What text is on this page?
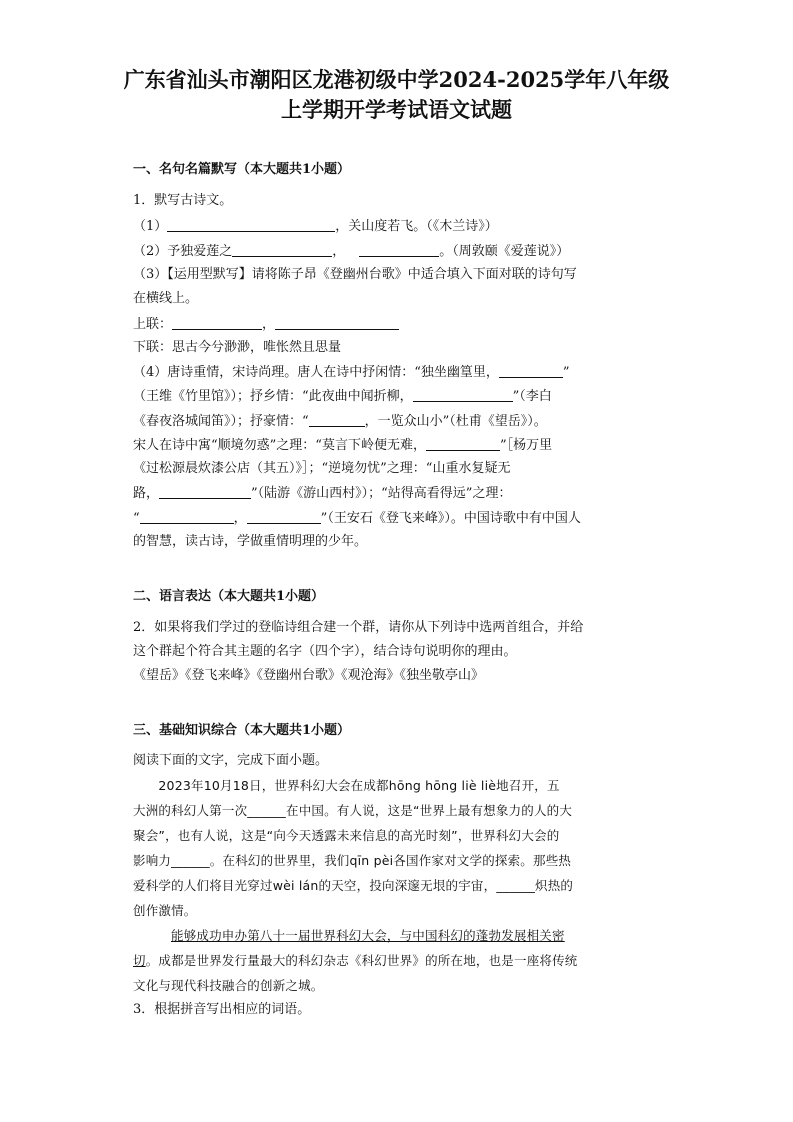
广东省汕头市潮阳区龙港初级中学2024-2025学年八年级
上学期开学考试语文试题
一、名句名篇默写（本大题共1小题）
1．默写古诗文。
（1）	，关山度若飞。（《木兰诗》）
（2）予独爱莲之	，	。（周敦颐《爱莲说》）
（3）【运用型默写】请将陈子昂《登幽州台歌》中适合填入下面对联的诗句写
在横线上。
上联：	，
下联：思古今兮渺渺，唯怅然且思量
（4）唐诗重情，宋诗尚理。唐人在诗中抒闲情：“独坐幽篁里，	”
（王维《竹里馆》）；抒乡情：“此夜曲中闻折柳，	”（李白
《春夜洛城闻笛》）；抒豪情：“	，一览众山小”（杜甫《望岳》）。
宋人在诗中寓“顺境勿惑”之理：“莫言下岭便无难，	”［杨万里
《过松源晨炊漆公店（其五）》］；“逆境勿忧”之理：“山重水复疑无
路，	”（陆游《游山西村》）；“站得高看得远”之理：
“	，	”（王安石《登飞来峰》）。中国诗歌中有中国人
的智慧，读古诗，学做重情明理的少年。
二、语言表达（本大题共1小题）
2．如果将我们学过的登临诗组合建一个群，请你从下列诗中选两首组合，并给
这个群起个符合其主题的名字（四个字），结合诗句说明你的理由。
《望岳》《登飞来峰》《登幽州台歌》《观沧海》《独坐敬亭山》
三、基础知识综合（本大题共1小题）
阅读下面的文字，完成下面小题。
　　2023年10月18日，世界科幻大会在成都hōng hōng liè liè地召开，五
大洲的科幻人第一次______在中国。有人说，这是“世界上最有想象力的人的大
聚会”，也有人说，这是“向今天透露未来信息的高光时刻”，世界科幻大会的
影响力______。在科幻的世界里，我们qīn pèi各国作家对文学的探索。那些热
爱科学的人们将目光穿过wèi lán的天空，投向深邃无垠的宇宙，______炽热的
创作激情。
能够成功申办第八十一届世界科幻大会，与中国科幻的蓬勃发展相关密
切。成都是世界发行量最大的科幻杂志《科幻世界》的所在地，也是一座将传统
文化与现代科技融合的创新之城。
3．根据拼音写出相应的词语。
